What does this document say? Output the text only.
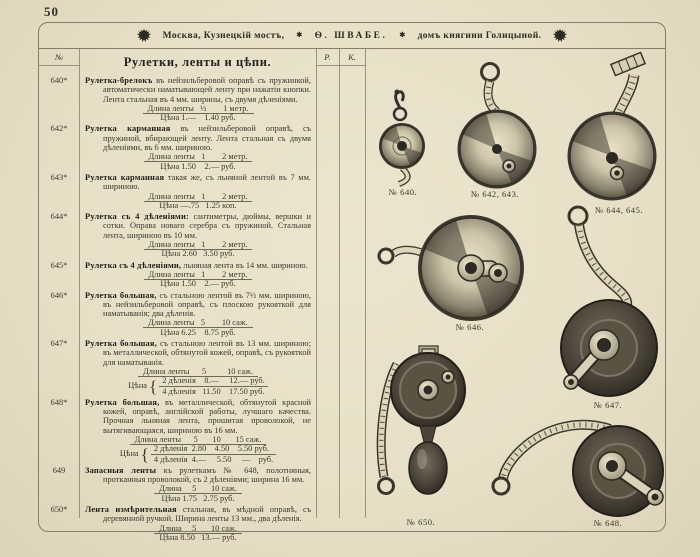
50
Москва, Кузнецкій мостъ, ✱ Ѳ. ШВАБЕ. ✱ домъ княгини Голицыной.
№	Р.	К.
Рулетки, ленты и цѣпи.
640*	Рулетка-брелокъ въ нейзильберовой оправѣ съ пружинкой, автоматически наматывающей ленту при нажатіи кнопки. Лента стальная въ 4 мм. ширины, съ двумя дѣленіями.

Длина ленты   ½        1 метр.
Цѣна 1.—    1.40 руб.
642*	Рулетка карманная въ нейзильберовой оправѣ, съ пружиной, вбирающей ленту. Лента стальная съ двумя дѣленіями, въ 6 мм. шириною.

Длина ленты   1        2 метр.
Цѣна 1.50    2.— руб.
643*	Рулетка карманная такая же, съ льняной лентой въ 7 мм. шириною.

Длина ленты   1        2 метр.
Цѣна —.75   1.25 коп.
644*	Рулетка съ 4 дѣленіями: сантиметры, дюймы, вершки и сотки. Оправа новаго серебра съ пружиной. Стальная лента, шириною въ 10 мм.

Длина ленты   1        2 метр.
Цѣна 2.60   3.50 руб.
645*	Рулетка съ 4 дѣленіями, льняная лента въ 14 мм. шириною.

Длина ленты   1        2 метр.
Цѣна 1.50    2.— руб.
646*	Рулетка большая, съ стальною лентой въ 7½ мм. шириною, въ нейзильберовой оправѣ, съ плоскою рукояткой для наматыванія; два дѣленія.

Длина ленты   5        10 саж.
Цѣна 6.25    8.75 руб.
647*	Рулетка большая, съ стальною лентой въ 13 мм. шириною; въ металлической, обтянутой кожей, оправѣ, съ рукояткой для наматыванія.

Длина ленты      5          10 саж.
Цѣна { 2 дѣленія    8.—     12.— руб.
4 дѣленія   11.50    17.50 руб.
648*	Рулетка большая, въ металлической, обтянутой красной кожей, оправѣ, англійской работы, лучшаго качества. Прочная льняная лента, прошитая проволокой, не вытягивающаяся, шириною въ 16 мм.

Длина ленты      5       10       15 саж.
Цѣна { 2 дѣленія  2.80    4.50    5.50 руб.
4 дѣленія  4.—     5.50     —    руб.
649	Запасныя ленты къ рулеткамъ № 648, полотняныя, протканныя проволокой, съ 2 дѣленіями; ширина 16 мм.

Длина     5       10 саж.
Цѣна 1.75   2.75 руб.
650*	Лента измѣрительная стальная, въ мѣдной оправѣ, съ деревянной ручкой. Ширина ленты 13 мм., два дѣленія.

Длина     5       10 саж.
Цѣна 8.50   13.— руб.
№ 640.	№ 642, 643.
№ 644, 645.
№ 646.
№ 647.
№ 650.	№ 648.
